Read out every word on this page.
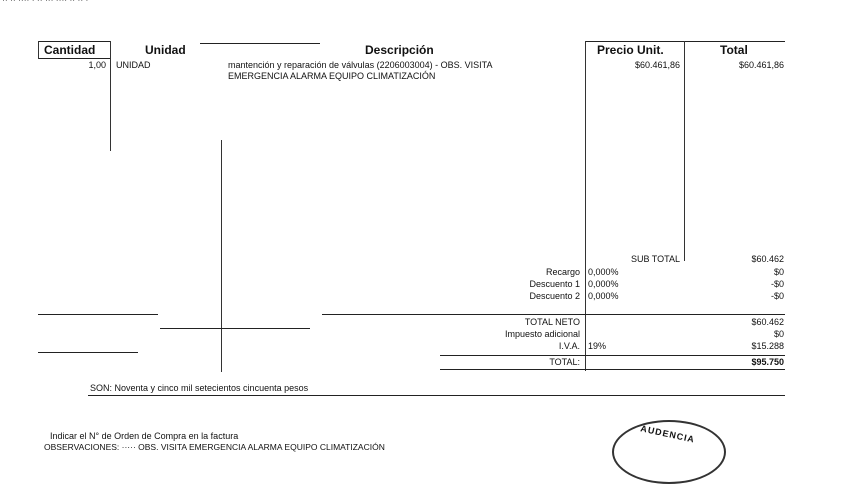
·· ·· ···· · ·· ··· ···· ·· ·· ·
Cantidad	Unidad	Descripción	Precio Unit.	Total
1,00 UNIDAD	mantención y reparación de válvulas (2206003004) - OBS. VISITA
EMERGENCIA ALARMA EQUIPO CLIMATIZACIÓN
$60.461,86	$60.461,86
SUB TOTAL	$60.462
Recargo 0,000%	$0
Descuento 1 0,000%	-$0
Descuento 2 0,000%	-$0
TOTAL NETO	$60.462
Impuesto adicional	$0
I.V.A. 19%	$15.288
TOTAL:	$95.750
SON: Noventa y cinco mil setecientos cincuenta pesos
Indicar el N° de Orden de Compra en la factura
OBSERVACIONES: ····· OBS. VISITA EMERGENCIA ALARMA EQUIPO CLIMATIZACIÓN
AUDENCIA
